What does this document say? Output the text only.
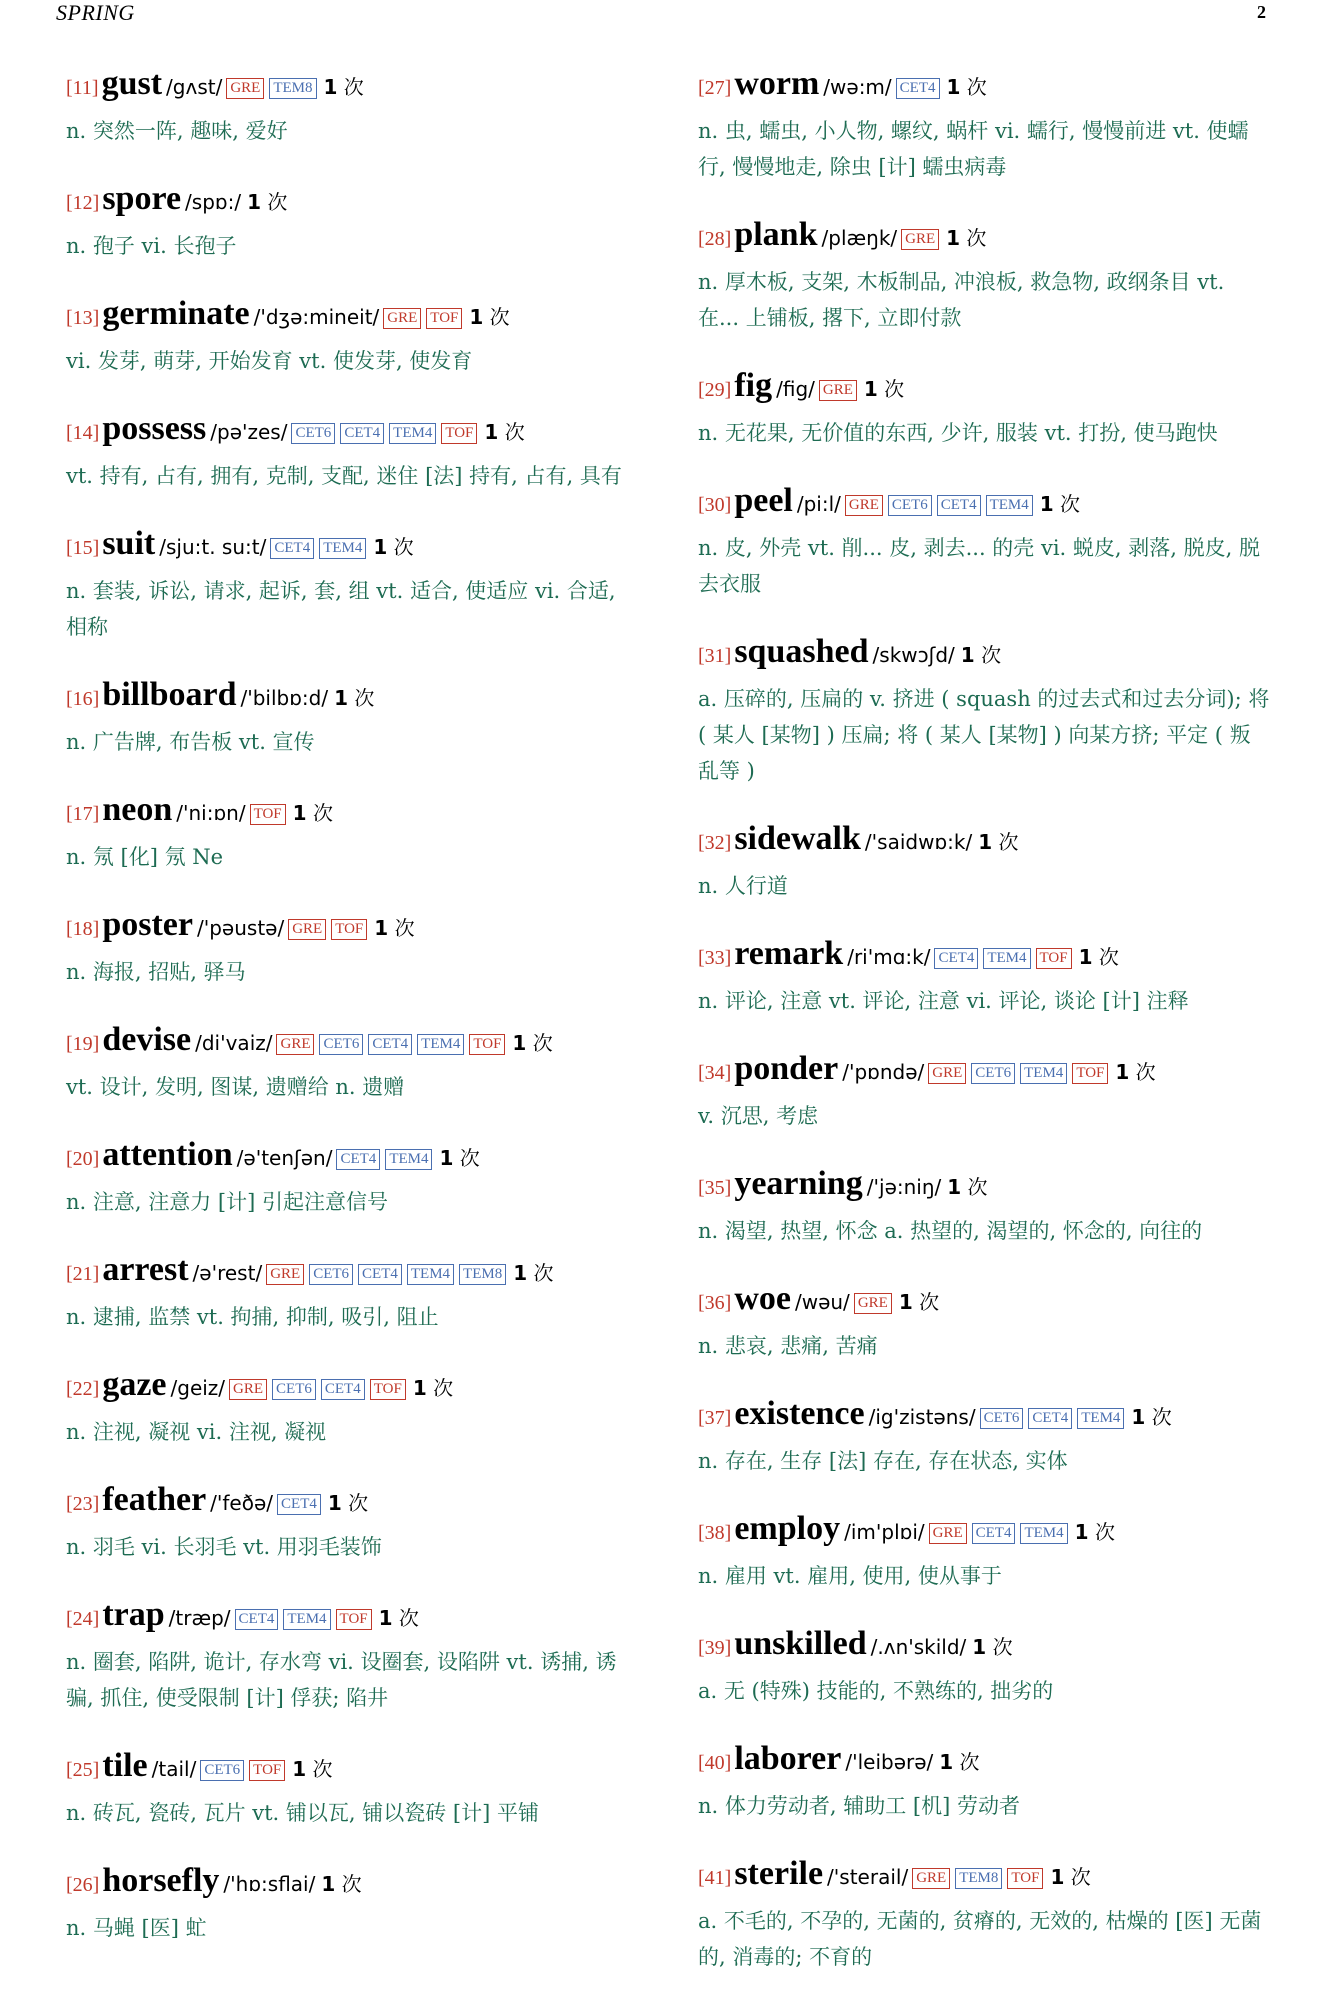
SPRING	2
[11]gust /gʌst/ GRE TEM8 1 次
n. 突然一阵, 趣味, 爱好
[12]spore /spɒ:/ 1 次
n. 孢子 vi. 长孢子
[13]germinate /'dʒə:mineit/ GRE TOF 1 次
vi. 发芽, 萌芽, 开始发育 vt. 使发芽, 使发育
[14]possess /pə'zes/ CET6 CET4 TEM4 TOF 1 次
vt. 持有, 占有, 拥有, 克制, 支配, 迷住 [法] 持有, 占有, 具有
[15]suit /sju:t. su:t/ CET4 TEM4 1 次
n. 套装, 诉讼, 请求, 起诉, 套, 组 vt. 适合, 使适应 vi. 合适, 相称
[16]billboard /'bilbɒ:d/ 1 次
n. 广告牌, 布告板 vt. 宣传
[17]neon /'ni:ɒn/ TOF 1 次
n. 氖 [化] 氖 Ne
[18]poster /'pəustə/ GRE TOF 1 次
n. 海报, 招贴, 驿马
[19]devise /di'vaiz/ GRE CET6 CET4 TEM4 TOF 1 次
vt. 设计, 发明, 图谋, 遗赠给 n. 遗赠
[20]attention /ə'tenʃən/ CET4 TEM4 1 次
n. 注意, 注意力 [计] 引起注意信号
[21]arrest /ə'rest/ GRE CET6 CET4 TEM4 TEM8 1 次
n. 逮捕, 监禁 vt. 拘捕, 抑制, 吸引, 阻止
[22]gaze /geiz/ GRE CET6 CET4 TOF 1 次
n. 注视, 凝视 vi. 注视, 凝视
[23]feather /'feðə/ CET4 1 次
n. 羽毛 vi. 长羽毛 vt. 用羽毛装饰
[24]trap /træp/ CET4 TEM4 TOF 1 次
n. 圈套, 陷阱, 诡计, 存水弯 vi. 设圈套, 设陷阱 vt. 诱捕, 诱骗, 抓住, 使受限制 [计] 俘获; 陷井
[25]tile /tail/ CET6 TOF 1 次
n. 砖瓦, 瓷砖, 瓦片 vt. 铺以瓦, 铺以瓷砖 [计] 平铺
[26]horsefly /'hɒ:sflai/ 1 次
n. 马蝇 [医] 虻
[27]worm /wə:m/ CET4 1 次
n. 虫, 蠕虫, 小人物, 螺纹, 蜗杆 vi. 蠕行, 慢慢前进 vt. 使蠕行, 慢慢地走, 除虫 [计] 蠕虫病毒
[28]plank /plæŋk/ GRE 1 次
n. 厚木板, 支架, 木板制品, 冲浪板, 救急物, 政纲条目 vt. 在... 上铺板, 撂下, 立即付款
[29]fig /fig/ GRE 1 次
n. 无花果, 无价值的东西, 少许, 服装 vt. 打扮, 使马跑快
[30]peel /pi:l/ GRE CET6 CET4 TEM4 1 次
n. 皮, 外壳 vt. 削... 皮, 剥去... 的壳 vi. 蜕皮, 剥落, 脱皮, 脱去衣服
[31]squashed /skwɔʃd/ 1 次
a. 压碎的, 压扁的 v. 挤进 ( squash 的过去式和过去分词); 将 ( 某人 [某物] ) 压扁; 将 ( 某人 [某物] ) 向某方挤; 平定 ( 叛乱等 )
[32]sidewalk /'saidwɒ:k/ 1 次
n. 人行道
[33]remark /ri'mɑ:k/ CET4 TEM4 TOF 1 次
n. 评论, 注意 vt. 评论, 注意 vi. 评论, 谈论 [计] 注释
[34]ponder /'pɒndə/ GRE CET6 TEM4 TOF 1 次
v. 沉思, 考虑
[35]yearning /'jə:niŋ/ 1 次
n. 渴望, 热望, 怀念 a. 热望的, 渴望的, 怀念的, 向往的
[36]woe /wəu/ GRE 1 次
n. 悲哀, 悲痛, 苦痛
[37]existence /ig'zistəns/ CET6 CET4 TEM4 1 次
n. 存在, 生存 [法] 存在, 存在状态, 实体
[38]employ /im'plɒi/ GRE CET4 TEM4 1 次
n. 雇用 vt. 雇用, 使用, 使从事于
[39]unskilled /.ʌn'skild/ 1 次
a. 无 (特殊) 技能的, 不熟练的, 拙劣的
[40]laborer /'leibərə/ 1 次
n. 体力劳动者, 辅助工 [机] 劳动者
[41]sterile /'sterail/ GRE TEM8 TOF 1 次
a. 不毛的, 不孕的, 无菌的, 贫瘠的, 无效的, 枯燥的 [医] 无菌的, 消毒的; 不育的
